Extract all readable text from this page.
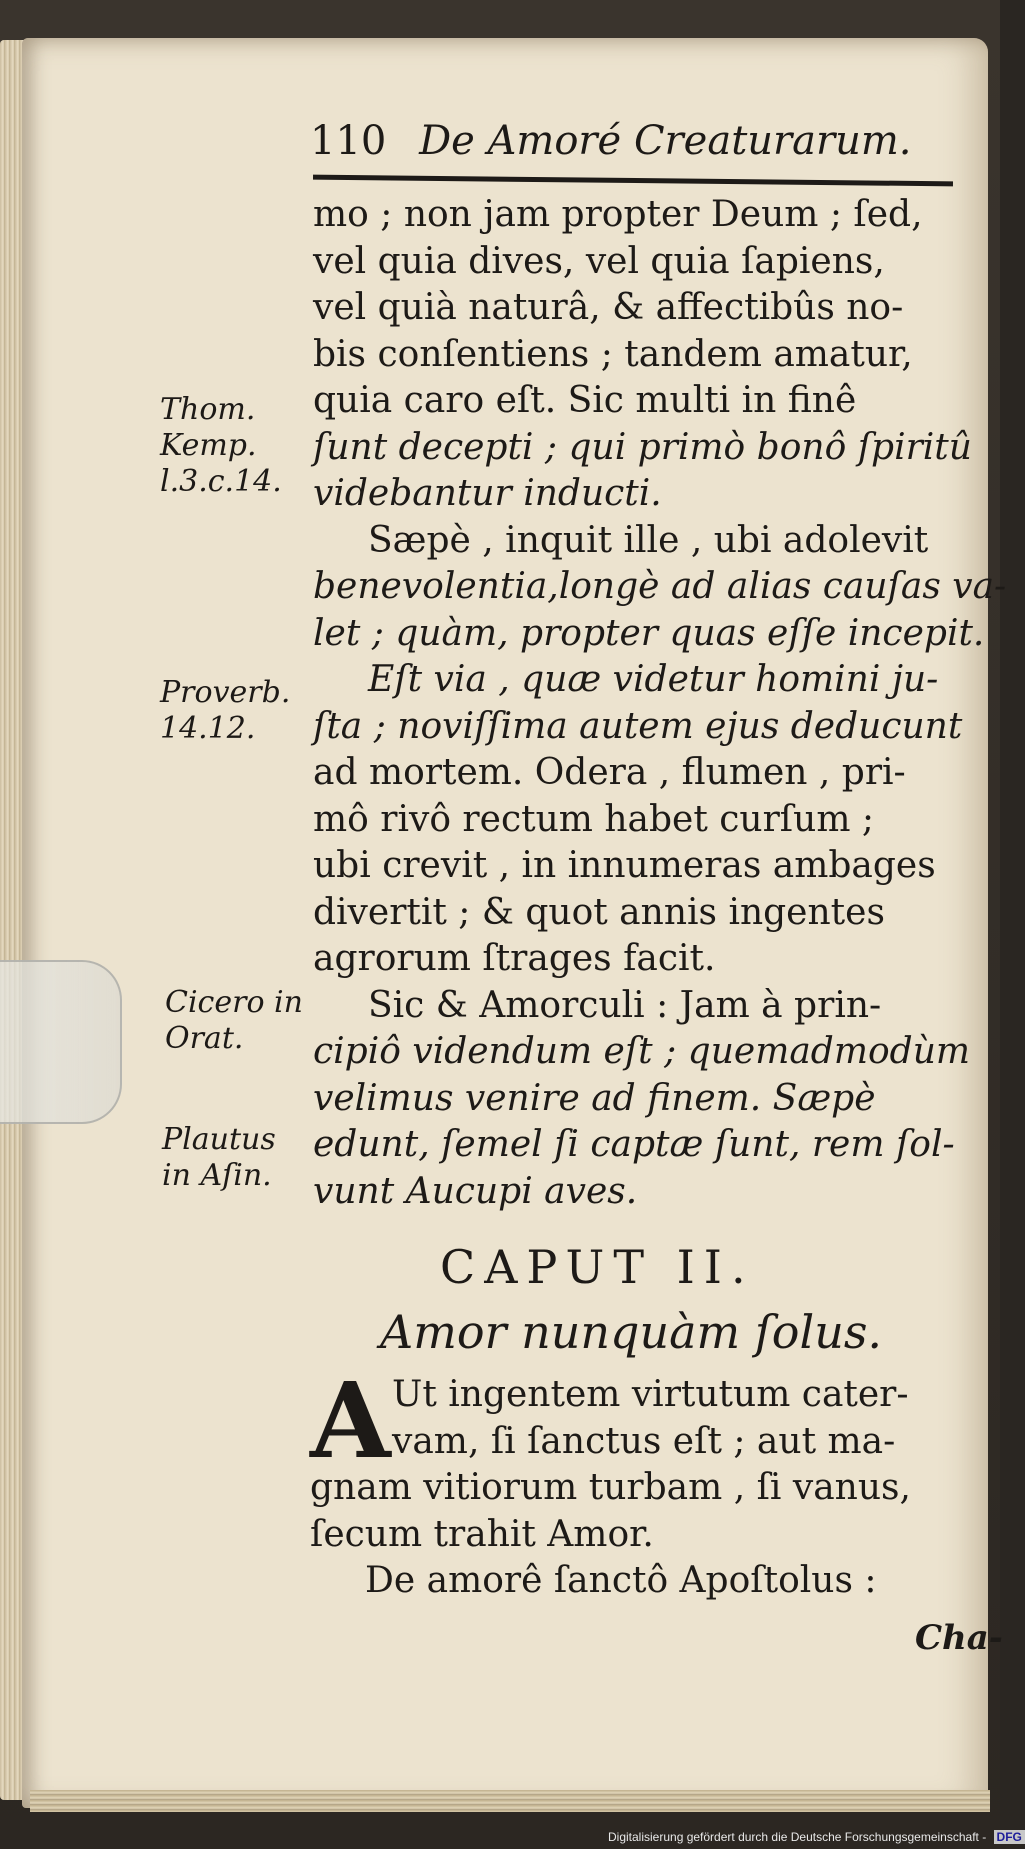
110 De Amoré Creaturarum.
mo ; non jam propter Deum ; ſed,
vel quia dives, vel quia ſapiens,
vel quià naturâ, & affectibûs no-
bis conſentiens ; tandem amatur,
quia caro eſt. Sic multi in finê
ſunt decepti ; qui primò bonô ſpiritû
videbantur inducti.
Sæpè , inquit ille , ubi adolevit
benevolentia,longè ad alias cauſas va-
let ; quàm, propter quas eſſe incepit.
Eſt via , quæ videtur homini ju-
ſta ; noviſſima autem ejus deducunt
ad mortem. Odera , flumen , pri-
mô rivô rectum habet curſum ;
ubi crevit , in innumeras ambages
divertit ; & quot annis ingentes
agrorum ſtrages facit.
Sic & Amorculi : Jam à prin-
cipiô videndum eſt ; quemadmodùm
velimus venire ad finem. Sæpè
edunt, ſemel ſi captæ ſunt, rem ſol-
vunt Aucupi aves.
Thom.
Kemp.
l.3.c.14.
Proverb.
14.12.
Cicero in
Orat.
Plautus
in Aſin.
CAPUT II.
Amor nunquàm ſolus.
A Ut ingentem virtutum cater-
vam, ſi ſanctus eſt ; aut ma-
gnam vitiorum turbam , ſi vanus,
ſecum trahit Amor.
De amorê ſanctô Apoſtolus :
Cha-
Digitalisierung gefördert durch die Deutsche Forschungsgemeinschaft - DFG
